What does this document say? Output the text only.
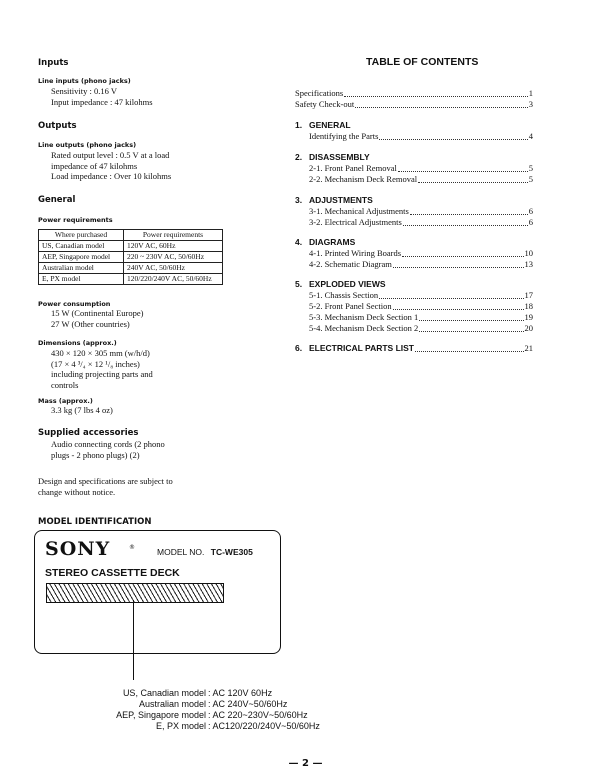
Inputs
Line inputs (phono jacks)
Sensitivity : 0.16 V
Input impedance : 47 kilohms
Outputs
Line outputs (phono jacks)
Rated output level : 0.5 V at a load
impedance of 47 kilohms
Load impedance : Over 10 kilohms
General
Power requirements
Where purchased	Power requirements
US, Canadian model	120V AC, 60Hz
AEP, Singapore model	220 ~ 230V AC, 50/60Hz
Australian model	240V AC, 50/60Hz
E, PX model	120/220/240V AC, 50/60Hz
Power consumption
15 W (Continental Europe)
27 W (Other countries)
Dimensions (approx.)
430 × 120 × 305 mm (w/h/d)
(17 × 4 ³/₄ × 12 ¹/₈ inches)
including projecting parts and
controls
Mass (approx.)
3.3 kg (7 lbs 4 oz)
Supplied accessories
Audio connecting cords (2 phono
plugs - 2 phono plugs) (2)
Design and specifications are subject to
change without notice.
MODEL IDENTIFICATION
SONY	®	MODEL NO. TC-WE305
STEREO CASSETTE DECK
US, Canadian model : AC 120V 60Hz
Australian model : AC 240V~50/60Hz
AEP, Singapore model : AC 220~230V~50/60Hz
E, PX model : AC120/220/240V~50/60Hz
TABLE OF CONTENTS
Specifications	1
Safety Check-out	3
1. GENERAL
Identifying the Parts	4
2. DISASSEMBLY
2-1. Front Panel Removal	5
2-2. Mechanism Deck Removal	5
3. ADJUSTMENTS
3-1. Mechanical Adjustments	6
3-2. Electrical Adjustments	6
4. DIAGRAMS
4-1. Printed Wiring Boards	10
4-2. Schematic Diagram	13
5. EXPLODED VIEWS
5-1. Chassis Section	17
5-2. Front Panel Section	18
5-3. Mechanism Deck Section 1	19
5-4. Mechanism Deck Section 2	20
6. ELECTRICAL PARTS LIST	21
— 2 —
